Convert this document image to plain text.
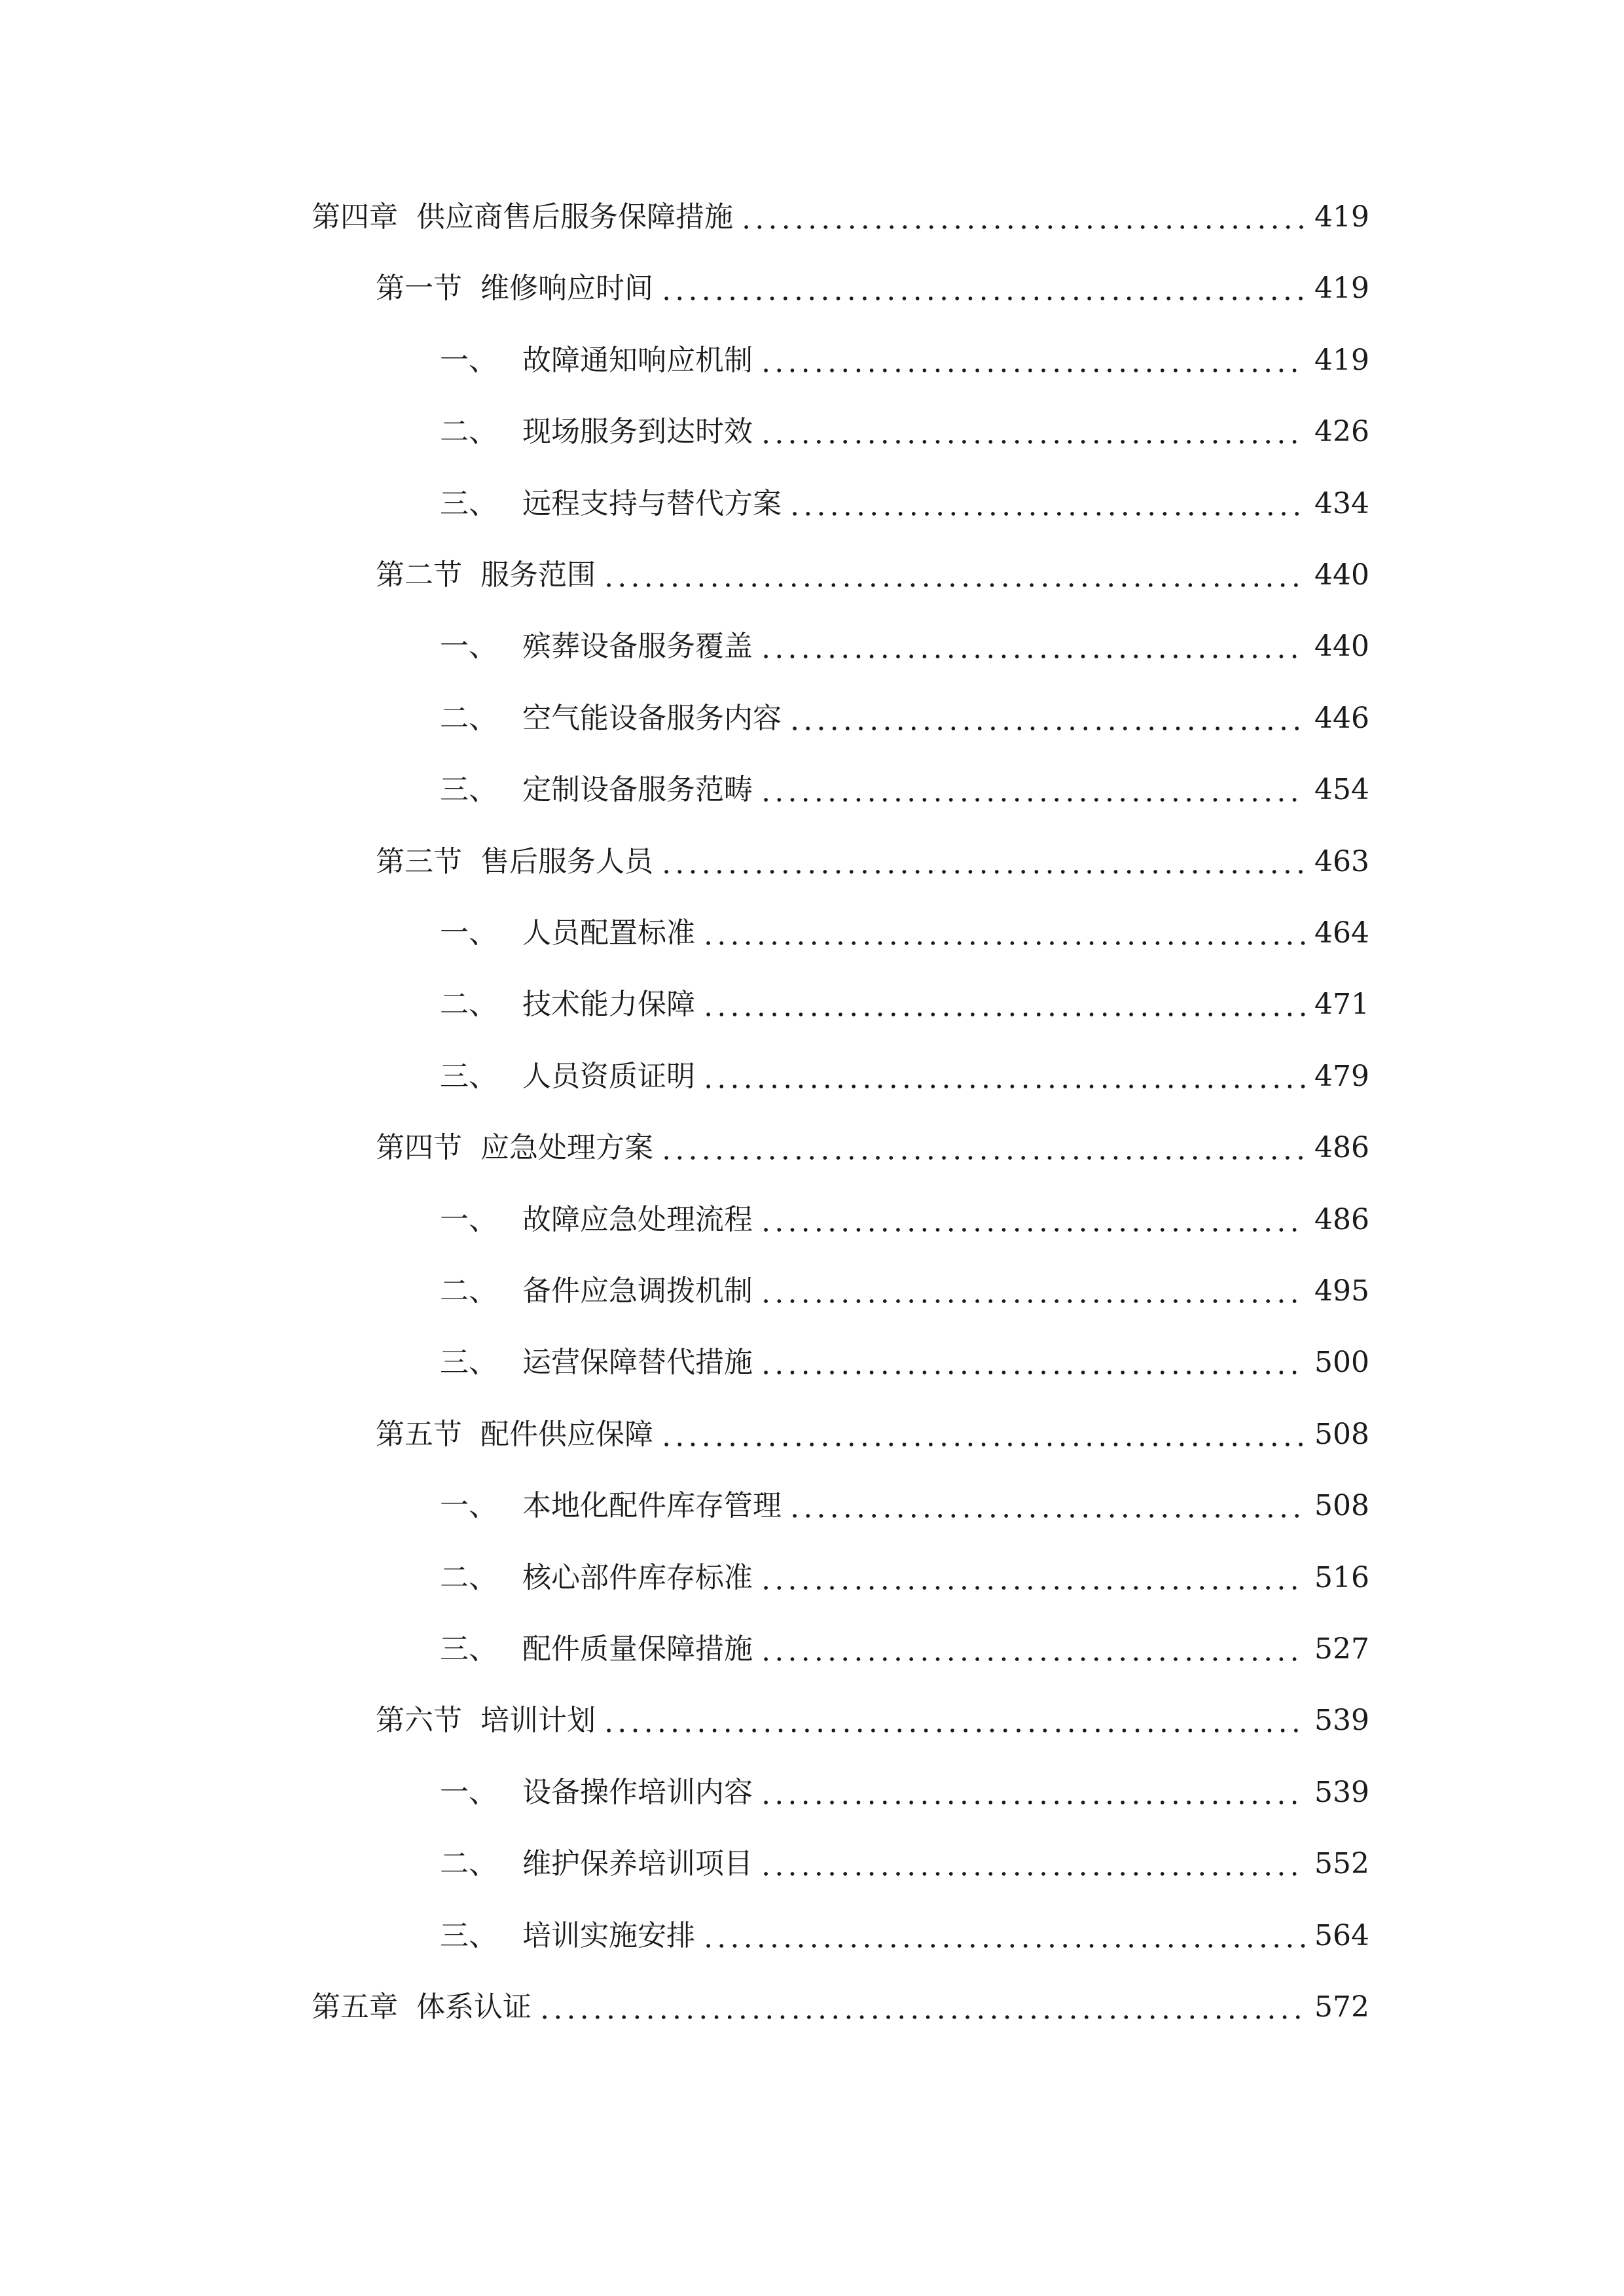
第四章 供应商售后服务保障措施	419
第一节 维修响应时间	419
一、 故障通知响应机制	419
二、 现场服务到达时效	426
三、 远程支持与替代方案	434
第二节 服务范围	440
一、 殡葬设备服务覆盖	440
二、 空气能设备服务内容	446
三、 定制设备服务范畴	454
第三节 售后服务人员	463
一、 人员配置标准	464
二、 技术能力保障	471
三、 人员资质证明	479
第四节 应急处理方案	486
一、 故障应急处理流程	486
二、 备件应急调拨机制	495
三、 运营保障替代措施	500
第五节 配件供应保障	508
一、 本地化配件库存管理	508
二、 核心部件库存标准	516
三、 配件质量保障措施	527
第六节 培训计划	539
一、 设备操作培训内容	539
二、 维护保养培训项目	552
三、 培训实施安排	564
第五章 体系认证	572
